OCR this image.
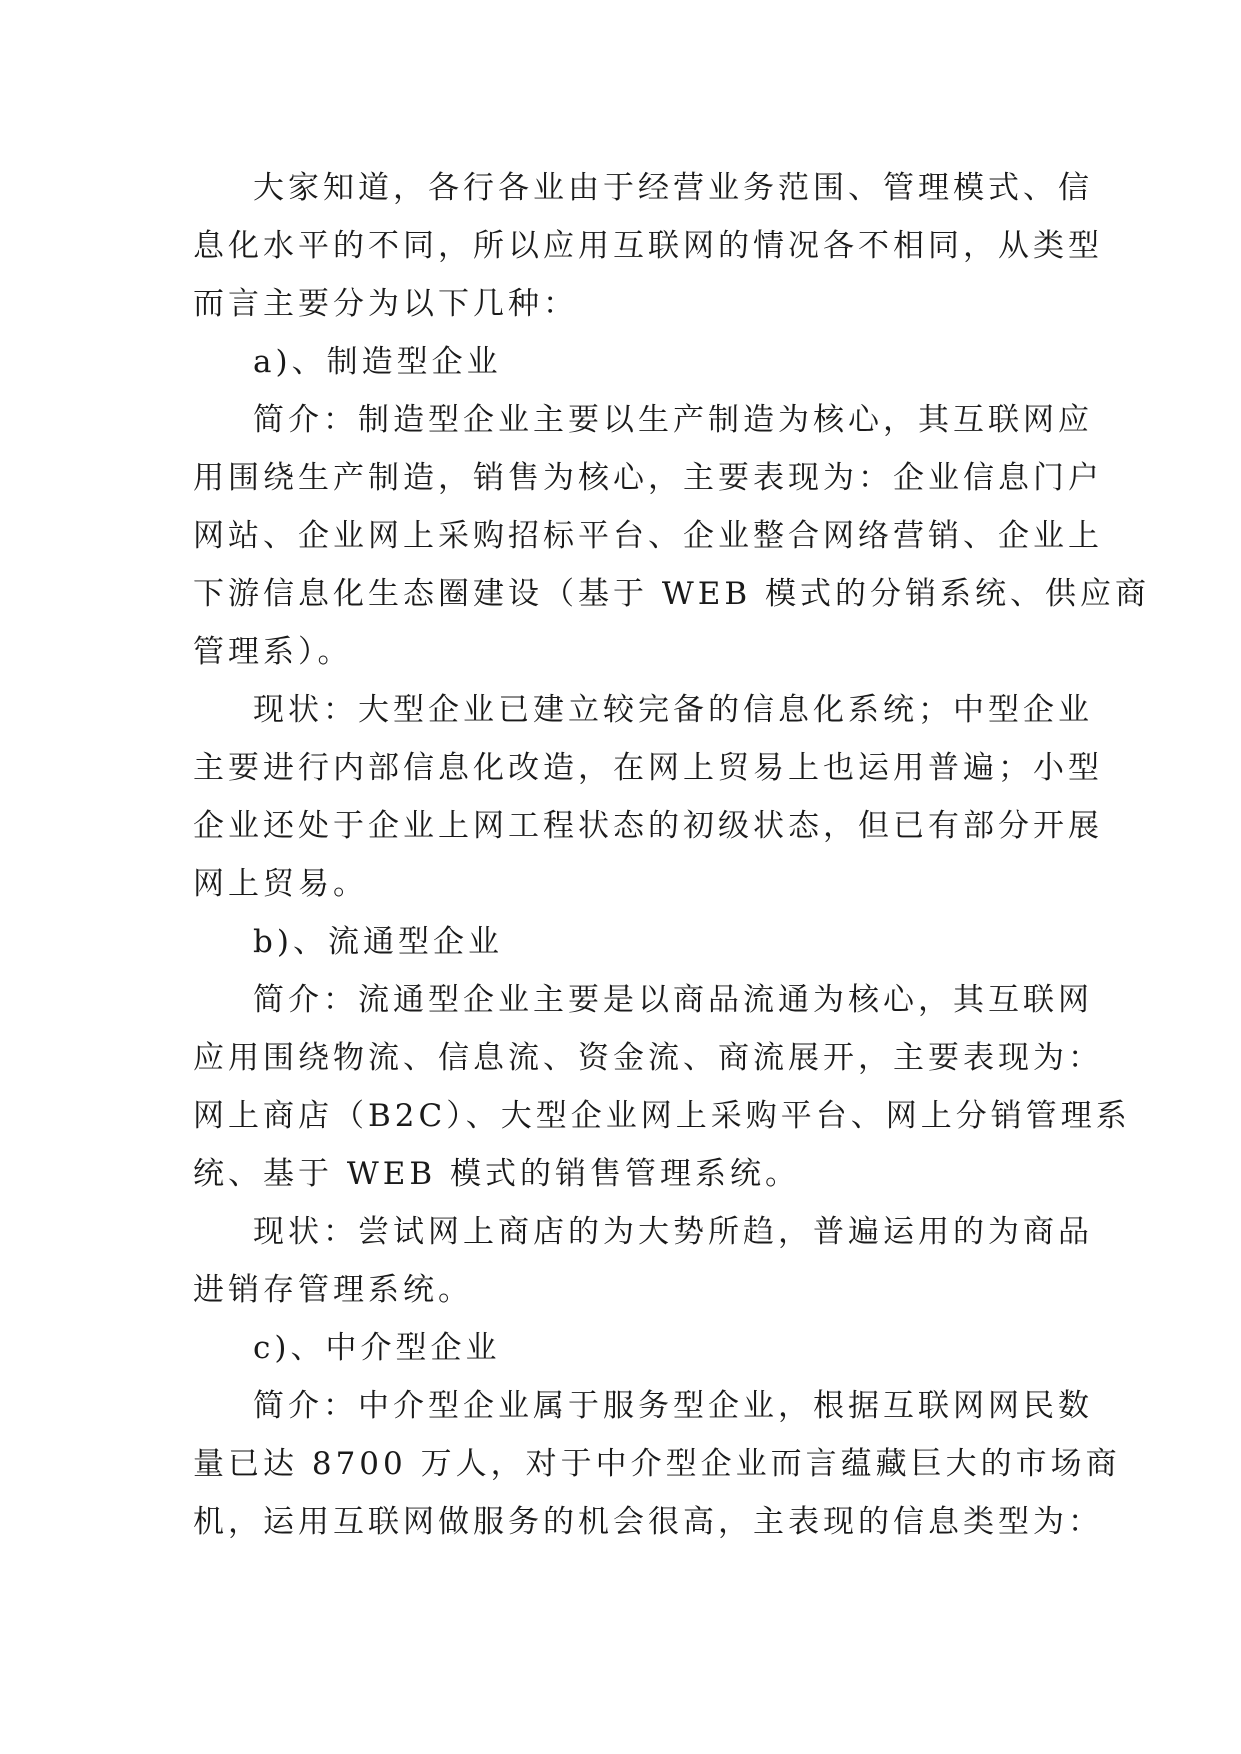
大家知道，各行各业由于经营业务范围、管理模式、信
息化水平的不同，所以应用互联网的情况各不相同，从类型
而言主要分为以下几种：
a)、制造型企业
简介：制造型企业主要以生产制造为核心，其互联网应
用围绕生产制造，销售为核心，主要表现为：企业信息门户
网站、企业网上采购招标平台、企业整合网络营销、企业上
下游信息化生态圈建设（基于 WEB 模式的分销系统、供应商
管理系）。
现状：大型企业已建立较完备的信息化系统；中型企业
主要进行内部信息化改造，在网上贸易上也运用普遍；小型
企业还处于企业上网工程状态的初级状态，但已有部分开展
网上贸易。
b)、流通型企业
简介：流通型企业主要是以商品流通为核心，其互联网
应用围绕物流、信息流、资金流、商流展开，主要表现为：
网上商店（B2C）、大型企业网上采购平台、网上分销管理系
统、基于 WEB 模式的销售管理系统。
现状：尝试网上商店的为大势所趋，普遍运用的为商品
进销存管理系统。
c)、中介型企业
简介：中介型企业属于服务型企业，根据互联网网民数
量已达 8700 万人，对于中介型企业而言蕴藏巨大的市场商
机，运用互联网做服务的机会很高，主表现的信息类型为：
